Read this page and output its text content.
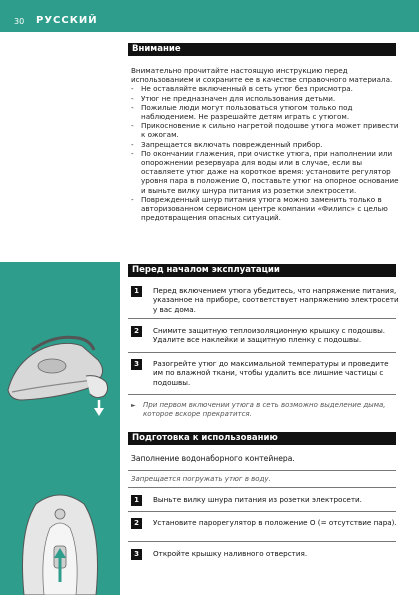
30 РУССКИЙ
Внимание

Внимательно прочитайте настоящую инструкцию перед использованием и сохраните ее в качестве справочного материала.

- Не оставляйте включенный в сеть утюг без присмотра.
- Утюг не предназначен для использования детьми.
- Пожилые люди могут пользоваться утюгом только под наблюдением. Не разрешайте детям играть с утюгом.
- Прикосновение к сильно нагретой подошве утюга может привести к ожогам.
- Запрещается включать поврежденный прибор.
- По окончании глажения, при очистке утюга, при наполнении или опорожнении резервуара для воды или в случае, если вы оставляете утюг даже на короткое время: установите регулятор уровня пара в положение O, поставьте утюг на опорное основание и выньте вилку шнура питания из розетки электросети.
- Поврежденный шнур питания утюга можно заменить только в авторизованном сервисном центре компании «Филипс» с целью предотвращения опасных ситуаций.
Перед началом эксплуатации
1	Перед включением утюга убедитесь, что напряжение питания, указанное на приборе, соответствует напряжению электросети у вас дома.
2	Снимите защитную теплоизоляционную крышку с подошвы. Удалите все наклейки и защитную пленку с подошвы.
3	Разогрейте утюг до максимальной температуры и проведите им по влажной ткани, чтобы удалить все лишние частицы с подошвы.
►	При первом включении утюга в сеть возможно выделение дыма, которое вскоре прекратится.
Подготовка к использованию
Заполнение водонаборного контейнера.
Запрещается погружать утюг в воду.
1	Выньте вилку шнура питания из розетки электросети.
2	Установите парорегулятор в положение O (= отсутствие пара).
3	Откройте крышку наливного отверстия.
